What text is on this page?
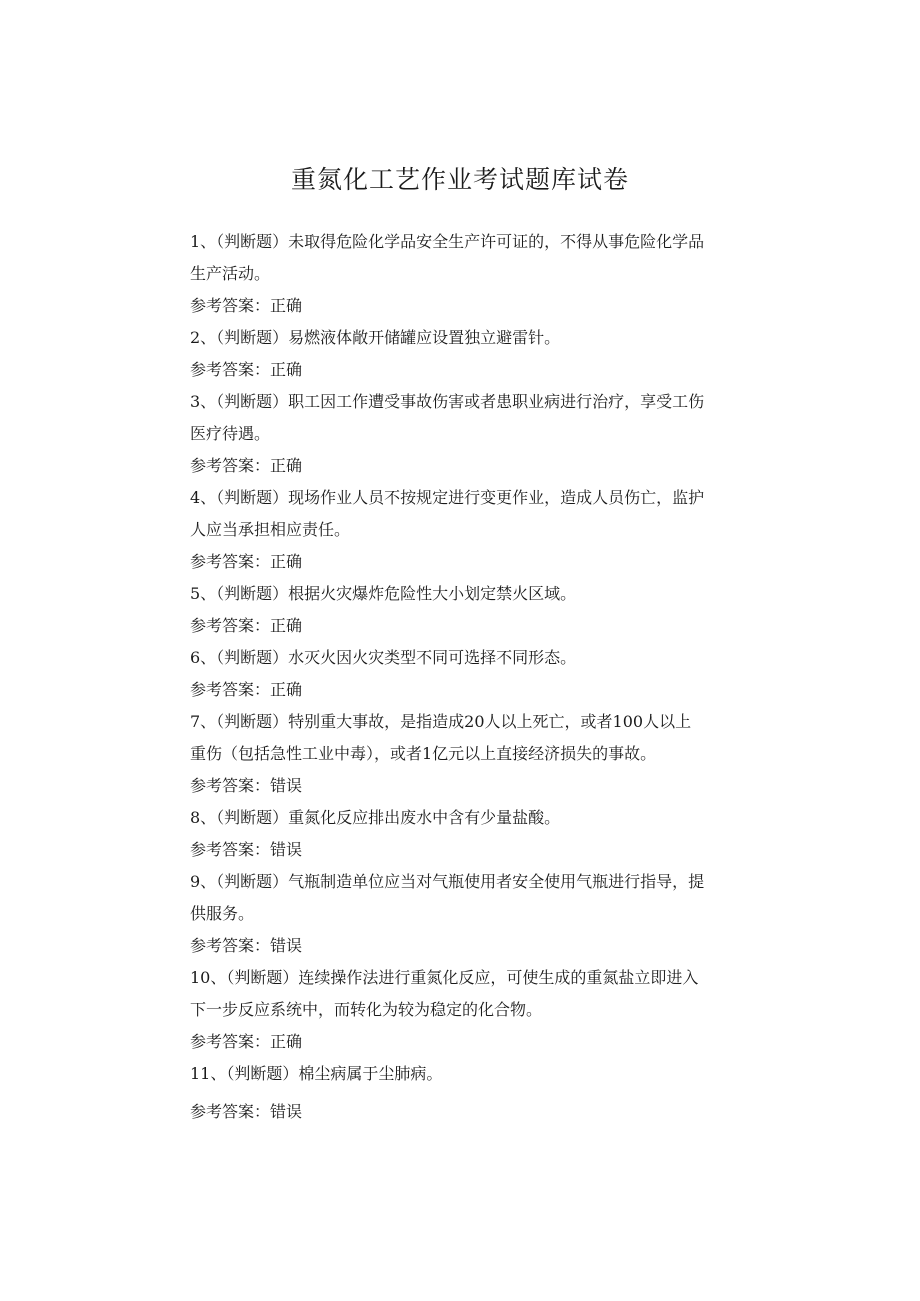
重氮化工艺作业考试题库试卷
1、（判断题）未取得危险化学品安全生产许可证的，不得从事危险化学品
生产活动。
参考答案：正确
2、（判断题）易燃液体敞开储罐应设置独立避雷针。
参考答案：正确
3、（判断题）职工因工作遭受事故伤害或者患职业病进行治疗，享受工伤
医疗待遇。
参考答案：正确
4、（判断题）现场作业人员不按规定进行变更作业，造成人员伤亡，监护
人应当承担相应责任。
参考答案：正确
5、（判断题）根据火灾爆炸危险性大小划定禁火区域。
参考答案：正确
6、（判断题）水灭火因火灾类型不同可选择不同形态。
参考答案：正确
7、（判断题）特别重大事故，是指造成20人以上死亡，或者100人以上
重伤（包括急性工业中毒），或者1亿元以上直接经济损失的事故。
参考答案：错误
8、（判断题）重氮化反应排出废水中含有少量盐酸。
参考答案：错误
9、（判断题）气瓶制造单位应当对气瓶使用者安全使用气瓶进行指导，提
供服务。
参考答案：错误
10、（判断题）连续操作法进行重氮化反应，可使生成的重氮盐立即进入
下一步反应系统中，而转化为较为稳定的化合物。
参考答案：正确
11、（判断题）棉尘病属于尘肺病。
参考答案：错误
